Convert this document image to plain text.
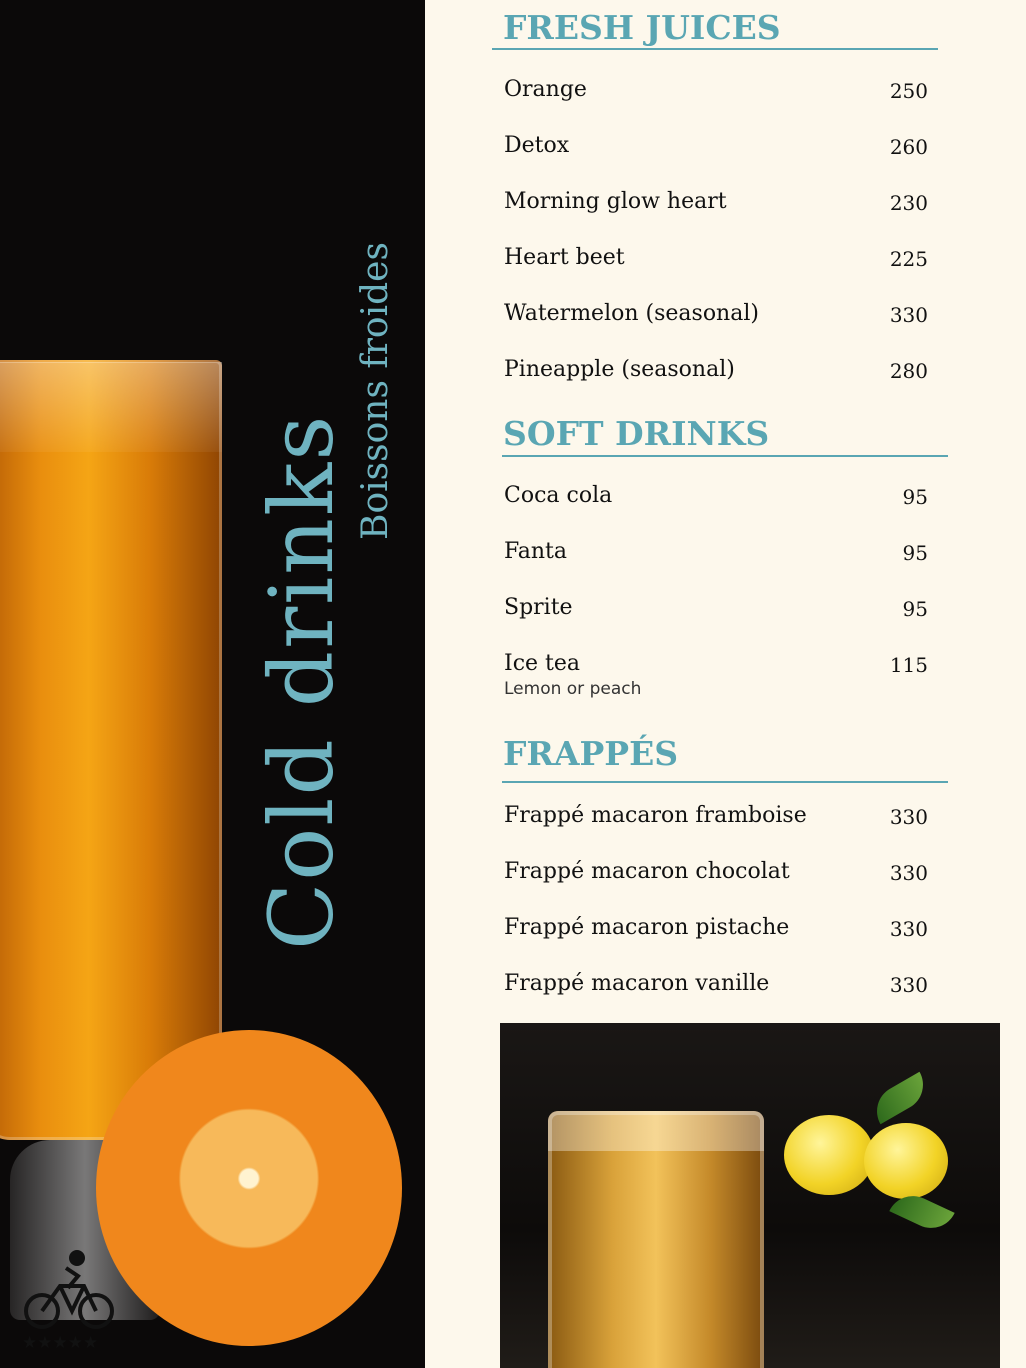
Cold drinks
Boissons froides
★★★★★
FRESH JUICES
Orange	250
Detox	260
Morning glow heart	230
Heart beet	225
Watermelon (seasonal)	330
Pineapple (seasonal)	280
SOFT DRINKS
Coca cola	95
Fanta	95
Sprite	95
Ice tea	115
Lemon or peach
FRAPPÉS
Frappé macaron framboise	330
Frappé macaron chocolat	330
Frappé macaron pistache	330
Frappé macaron vanille	330
